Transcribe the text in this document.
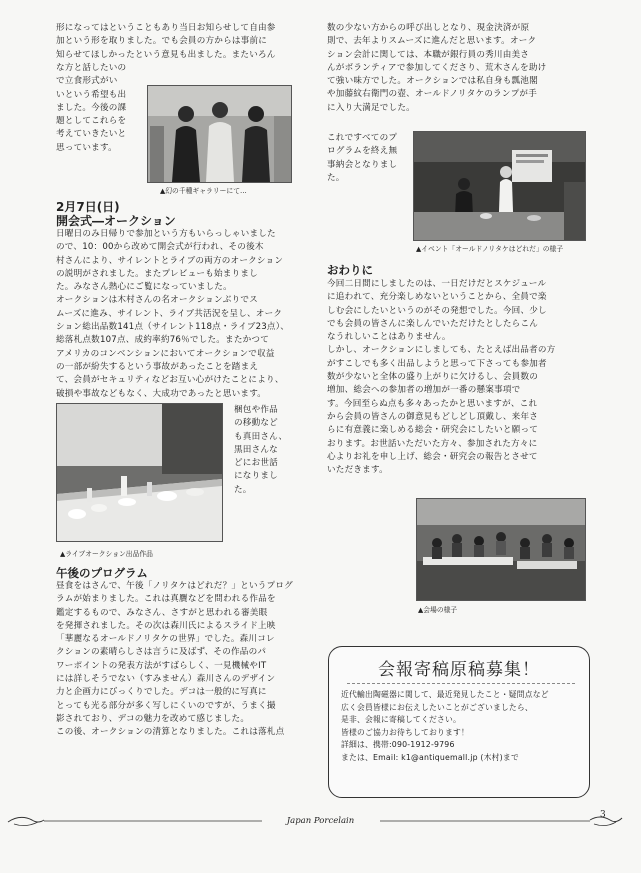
形になってはということもあり当日お知らせして自由参
加という形を取りました。でも会員の方からは事前に
知らせてほしかったという意見も出ました。またいろん
な方と話したいの
で立食形式がい
いという希望も出
ました。今後の課
題としてこれらを
考えていきたいと
思っています。
▲幻の千種ギャラリーにて…
2月7日(日)
開会式―オークション
日曜日のみ日帰りで参加という方もいらっしゃいました
ので、10：00から改めて開会式が行われ、その後木
村さんにより、サイレントとライブの両方のオークション
の説明がされました。またプレビューも始まりまし
た。みなさん熱心にご覧になっていました。
オークションは木村さんの名オークションぶりでス
ムーズに進み、サイレント、ライブ共活況を呈し、オーク
ション総出品数141点（サイレント118点・ライブ23点）、
総落札点数107点、成約率約76％でした。またかつて
アメリカのコンベンションにおいてオークションで収益
の一部が紛失するという事故があったことを踏まえ
て、会員がセキュリティなどお互い心がけたことにより、
破損や事故などもなく、大成功であったと思います。
梱包や作品
の移動など
も真田さん、
黒田さんな
どにお世話
になりまし
た。
▲ライブオークション出品作品
午後のプログラム
昼食をはさんで、午後「ノリタケはどれだ？」というプログ
ラムが始まりました。これは真贋などを問われる作品を
鑑定するもので、みなさん、さすがと思われる審美眼
を発揮されました。その次は森川氏によるスライド上映
「華麗なるオールドノリタケの世界」でした。森川コレ
クションの素晴らしさは言うに及ばず、その作品のパ
ワーポイントの発表方法がすばらしく、一見機械やIT
には詳しそうでない（すみません）森川さんのデザイン
力と企画力にびっくりでした。デコは一般的に写真に
とっても光る部分が多く写しにくいのですが、うまく撮
影されており、デコの魅力を改めて感じました。
この後、オークションの清算となりました。これは落札点
数の少ない方からの呼び出しとなり、現金決済が原
則で、去年よりスムーズに進んだと思います。オーク
ション会計に関しては、本職が銀行員の秀川由美さ
んがボランティアで参加してくださり、荒木さんを助け
て強い味方でした。オークションでは私自身も瓢池閣
や加藤紋右衛門の壺、オールドノリタケのランプが手
に入り大満足でした。
これですべてのプ
ログラムを終え無
事納会となりまし
た。
▲イベント「オールドノリタケはどれだ」の様子
おわりに
今回二日間にしましたのは、一日だけだとスケジュール
に追われて、充分楽しめないということから、全員で楽
しむ会にしたいというのがその発想でした。今回、少し
でも会員の皆さんに楽しんでいただけたとしたらこん
なうれしいことはありません。
しかし、オークションにしましても、たとえば出品者の方
がすこしでも多く出品しようと思って下さっても参加者
数が少ないと全体の盛り上がりに欠けるし、会員数の
増加、総会への参加者の増加が一番の懸案事項で
す。今回至らぬ点も多々あったかと思いますが、これ
から会員の皆さんの御意見もどしどし頂戴し、来年さ
らに有意義に楽しめる総会・研究会にしたいと願って
おります。お世話いただいた方々、参加された方々に
心よりお礼を申し上げ、総会・研究会の報告とさせて
いただきます。
▲会場の様子
会報寄稿原稿募集！
近代輸出陶磁器に関して、最近発見したこと・疑問点など
広く会員皆様にお伝えしたいことがございましたら、
是非、会報に寄稿してください。
皆様のご協力お待ちしております！
詳細は、携帯:090-1912-9796
または、Email: k1@antiquemall.jp (木村)まで
Japan Porcelain
3
